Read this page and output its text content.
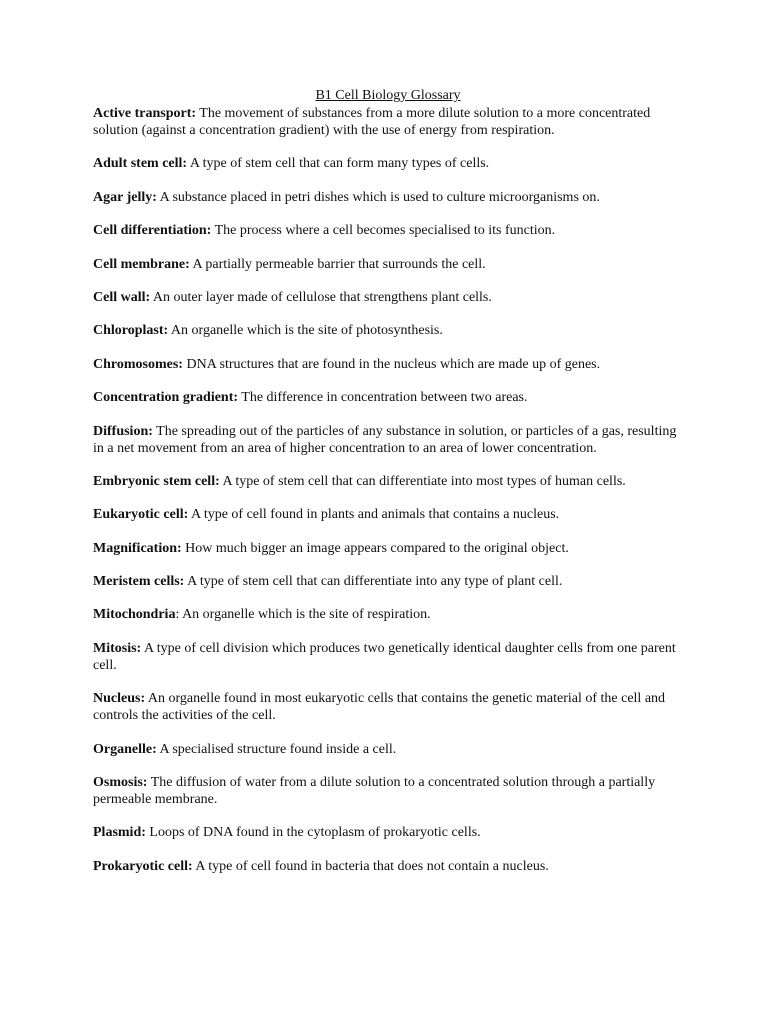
B1 Cell Biology Glossary
Active transport: The movement of substances from a more dilute solution to a more concentrated solution (against a concentration gradient) with the use of energy from respiration.
Adult stem cell: A type of stem cell that can form many types of cells.
Agar jelly: A substance placed in petri dishes which is used to culture microorganisms on.
Cell differentiation: The process where a cell becomes specialised to its function.
Cell membrane: A partially permeable barrier that surrounds the cell.
Cell wall: An outer layer made of cellulose that strengthens plant cells.
Chloroplast: An organelle which is the site of photosynthesis.
Chromosomes: DNA structures that are found in the nucleus which are made up of genes.
Concentration gradient: The difference in concentration between two areas.
Diffusion: The spreading out of the particles of any substance in solution, or particles of a gas, resulting in a net movement from an area of higher concentration to an area of lower concentration.
Embryonic stem cell: A type of stem cell that can differentiate into most types of human cells.
Eukaryotic cell: A type of cell found in plants and animals that contains a nucleus.
Magnification: How much bigger an image appears compared to the original object.
Meristem cells: A type of stem cell that can differentiate into any type of plant cell.
Mitochondria: An organelle which is the site of respiration.
Mitosis: A type of cell division which produces two genetically identical daughter cells from one parent cell.
Nucleus: An organelle found in most eukaryotic cells that contains the genetic material of the cell and controls the activities of the cell.
Organelle: A specialised structure found inside a cell.
Osmosis: The diffusion of water from a dilute solution to a concentrated solution through a partially permeable membrane.
Plasmid: Loops of DNA found in the cytoplasm of prokaryotic cells.
Prokaryotic cell: A type of cell found in bacteria that does not contain a nucleus.
